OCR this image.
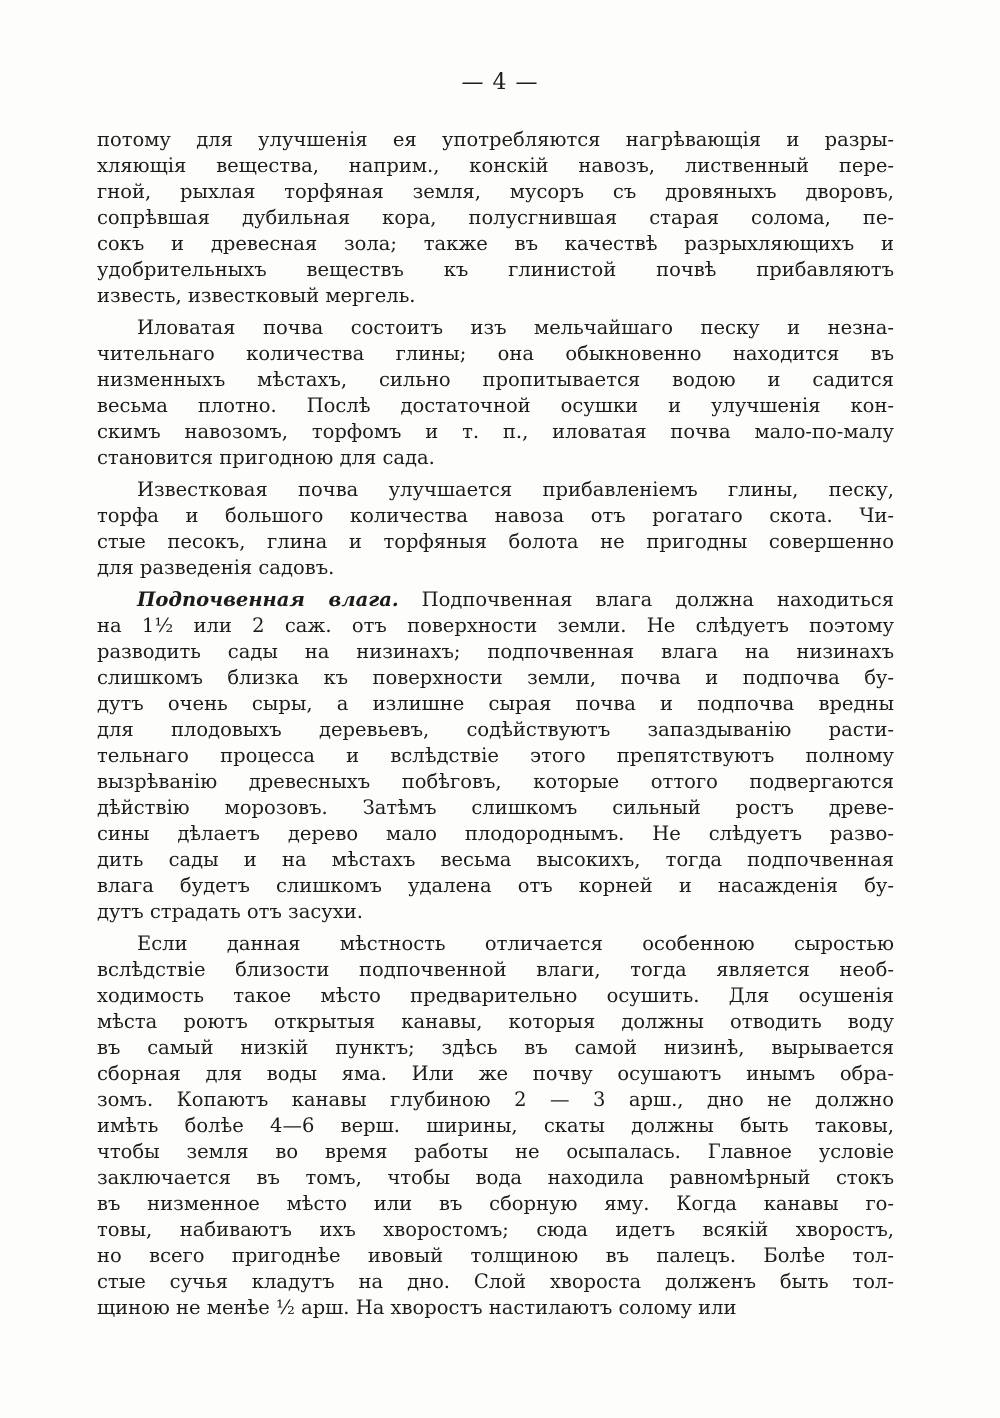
— 4 —
потому для улучшенія ея употребляются нагрѣвающія и разры-
хляющія вещества, наприм., конскій навозъ, лиственный пере-
гной, рыхлая торфяная земля, мусоръ съ дровяныхъ дворовъ,
сопрѣвшая дубильная кора, полусгнившая старая солома, пе-
сокъ и древесная зола; также въ качествѣ разрыхляющихъ и
удобрительныхъ веществъ къ глинистой почвѣ прибавляютъ
известь, известковый мергель.
Иловатая почва состоитъ изъ мельчайшаго песку и незна-
чительнаго количества глины; она обыкновенно находится въ
низменныхъ мѣстахъ, сильно пропитывается водою и садится
весьма плотно. Послѣ достаточной осушки и улучшенія кон-
скимъ навозомъ, торфомъ и т. п., иловатая почва мало-по-малу
становится пригодною для сада.
Известковая почва улучшается прибавленіемъ глины, песку,
торфа и большого количества навоза отъ рогатаго скота. Чи-
стые песокъ, глина и торфяныя болота не пригодны совершенно
для разведенія садовъ.
Подпочвенная влага. Подпочвенная влага должна находиться
на 1½ или 2 саж. отъ поверхности земли. Не слѣдуетъ поэтому
разводить сады на низинахъ; подпочвенная влага на низинахъ
слишкомъ близка къ поверхности земли, почва и подпочва бу-
дутъ очень сыры, а излишне сырая почва и подпочва вредны
для плодовыхъ деревьевъ, содѣйствуютъ запаздыванію расти-
тельнаго процесса и вслѣдствіе этого препятствуютъ полному
вызрѣванію древесныхъ побѣговъ, которые оттого подвергаются
дѣйствію морозовъ. Затѣмъ слишкомъ сильный ростъ древе-
сины дѣлаетъ дерево мало плодороднымъ. Не слѣдуетъ разво-
дить сады и на мѣстахъ весьма высокихъ, тогда подпочвенная
влага будетъ слишкомъ удалена отъ корней и насажденія бу-
дутъ страдать отъ засухи.
Если данная мѣстность отличается особенною сыростью
вслѣдствіе близости подпочвенной влаги, тогда является необ-
ходимость такое мѣсто предварительно осушить. Для осушенія
мѣста роютъ открытыя канавы, которыя должны отводить воду
въ самый низкій пунктъ; здѣсь въ самой низинѣ, вырывается
сборная для воды яма. Или же почву осушаютъ инымъ обра-
зомъ. Копаютъ канавы глубиною 2 — 3 арш., дно не должно
имѣть болѣе 4—6 верш. ширины, скаты должны быть таковы,
чтобы земля во время работы не осыпалась. Главное условіе
заключается въ томъ, чтобы вода находила равномѣрный стокъ
въ низменное мѣсто или въ сборную яму. Когда канавы го-
товы, набиваютъ ихъ хворостомъ; сюда идетъ всякій хворостъ,
но всего пригоднѣе ивовый толщиною въ палецъ. Болѣе тол-
стые сучья кладутъ на дно. Слой хвороста долженъ быть тол-
щиною не менѣе ½ арш. На хворостъ настилаютъ солому или
